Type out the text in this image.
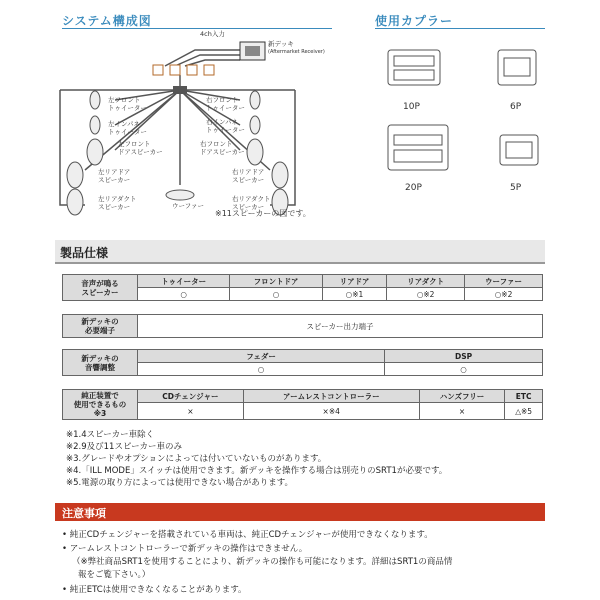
システム構成図
4ch入力
新デッキ
(Aftermarket Receiver)
左フロント
トゥイーター
左インパネ
トゥイーター
左フロント
ドアスピーカー
左リアドア
スピーカー
左リアダクト
スピーカー
右フロント
トゥイーター
右インパネ
トゥイーター
右フロント
ドアスピーカー
右リアドア
スピーカー
右リアダクト
スピーカー
ウーファー
※11スピーカーの図です。
使用カプラー
10P	6P
20P	5P
製品仕様
音声が鳴る
スピーカー	トゥイーター	フロントドア	リアドア	リアダクト	ウーファー
	○	○	○※1	○※2	○※2
新デッキの
必要端子	スピーカー出力端子
新デッキの
音響調整	フェダー	DSP
	○	○
純正装置で
使用できるもの
※3	CDチェンジャー	アームレストコントローラー	ハンズフリー	ETC
	×	×※4	×	△※5
※1.4スピーカー車除く
※2.9及び11スピーカー車のみ
※3.グレードやオプションによっては付いていないものがあります。
※4.「ILL MODE」スイッチは使用できます。新デッキを操作する場合は別売りのSRT1が必要です。
※5.電源の取り方によっては使用できない場合があります。
注意事項
• 純正CDチェンジャーを搭載されている車両は、純正CDチェンジャーが使用できなくなります。
• アームレストコントローラーで新デッキの操作はできません。
（※弊社商品SRT1を使用することにより、新デッキの操作も可能になります。詳細はSRT1の商品情
報をご覧下さい。）
• 純正ETCは使用できなくなることがあります。
